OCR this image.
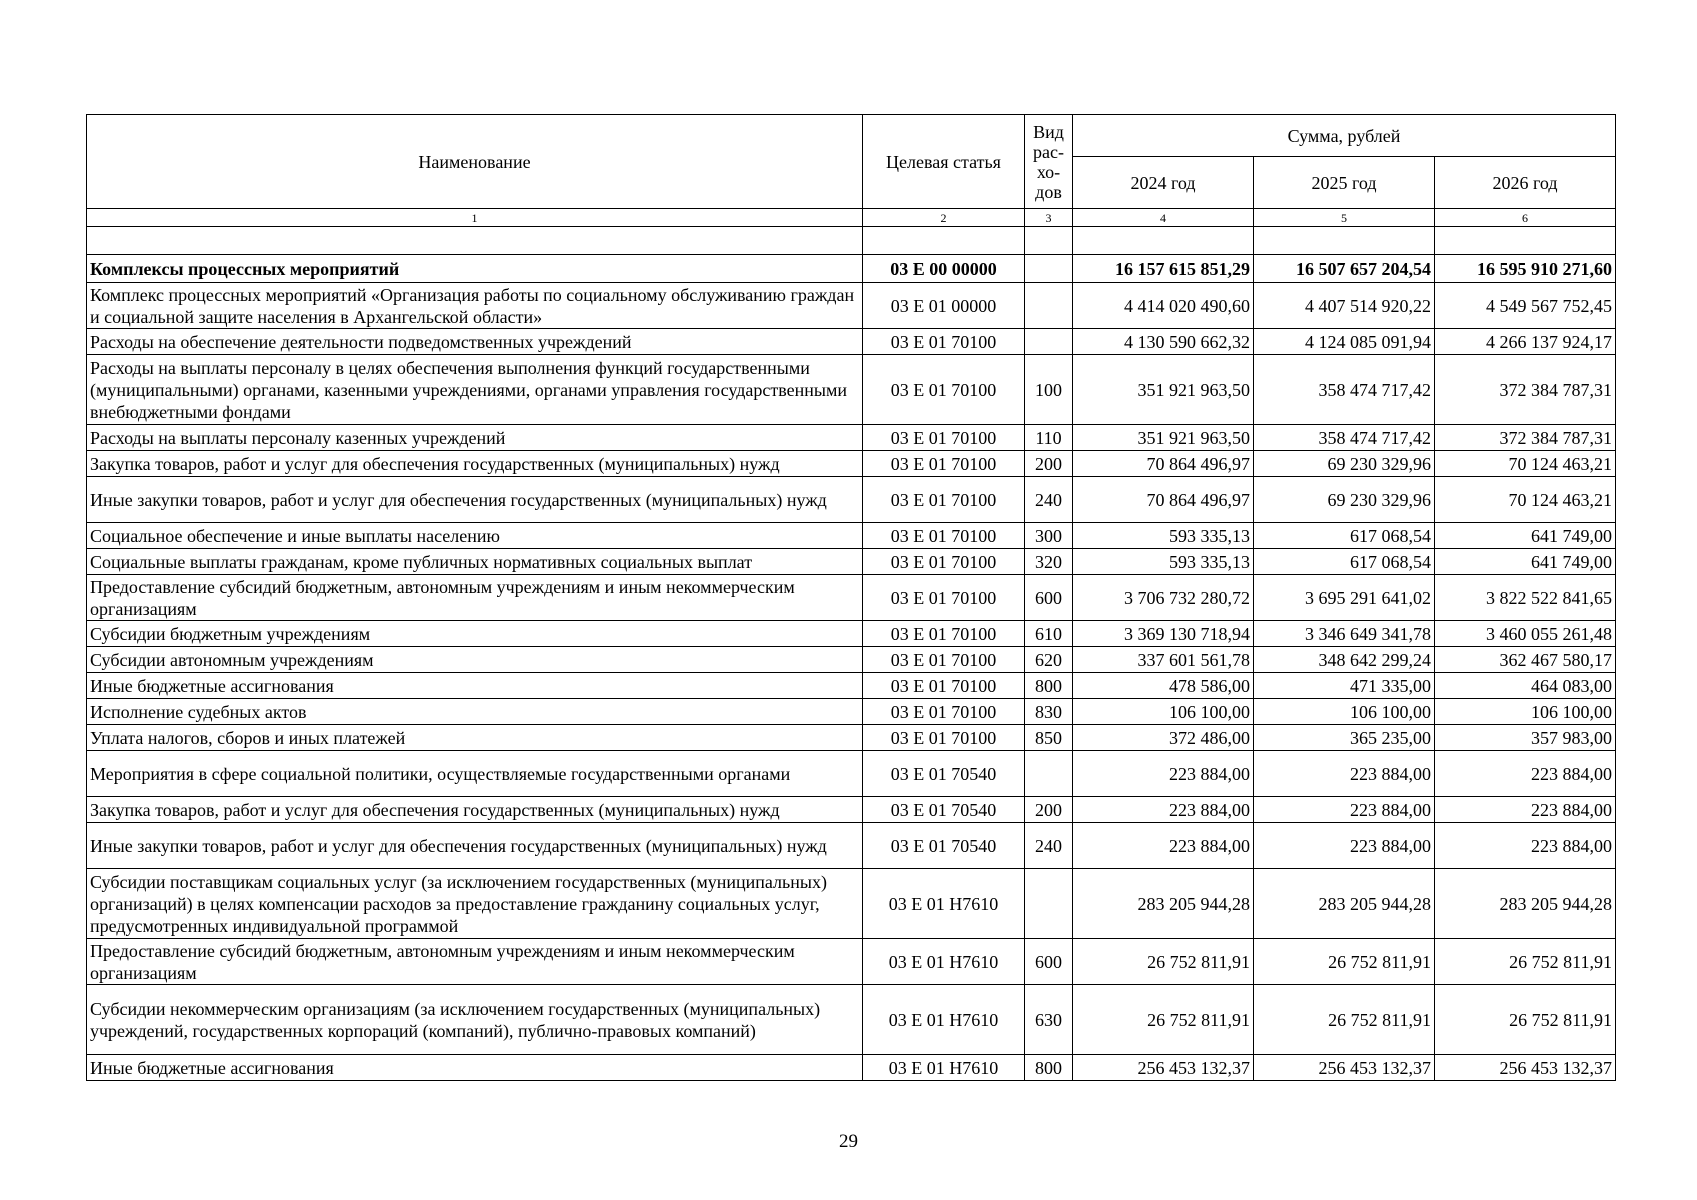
Наименование	Целевая статья	Вид рас-хо-дов	Сумма, рублей		
			2024 год	2025 год	2026 год
1	2	3	4	5	6

Комплексы процессных мероприятий	03 Е 00 00000		16 157 615 851,29	16 507 657 204,54	16 595 910 271,60
Комплекс процессных мероприятий «Организация работы по социальному обслуживанию граждан и социальной защите населения в Архангельской области»	03 Е 01 00000		4 414 020 490,60	4 407 514 920,22	4 549 567 752,45
Расходы на обеспечение деятельности подведомственных учреждений	03 Е 01 70100		4 130 590 662,32	4 124 085 091,94	4 266 137 924,17
Расходы на выплаты персоналу в целях обеспечения выполнения функций государственными (муниципальными) органами, казенными учреждениями, органами управления государственными внебюджетными фондами	03 Е 01 70100	100	351 921 963,50	358 474 717,42	372 384 787,31
Расходы на выплаты персоналу казенных учреждений	03 Е 01 70100	110	351 921 963,50	358 474 717,42	372 384 787,31
Закупка товаров, работ и услуг для обеспечения государственных (муниципальных) нужд	03 Е 01 70100	200	70 864 496,97	69 230 329,96	70 124 463,21
Иные закупки товаров, работ и услуг для обеспечения государственных (муниципальных) нужд	03 Е 01 70100	240	70 864 496,97	69 230 329,96	70 124 463,21
Социальное обеспечение и иные выплаты населению	03 Е 01 70100	300	593 335,13	617 068,54	641 749,00
Социальные выплаты гражданам, кроме публичных нормативных социальных выплат	03 Е 01 70100	320	593 335,13	617 068,54	641 749,00
Предоставление субсидий бюджетным, автономным учреждениям и иным некоммерческим организациям	03 Е 01 70100	600	3 706 732 280,72	3 695 291 641,02	3 822 522 841,65
Субсидии бюджетным учреждениям	03 Е 01 70100	610	3 369 130 718,94	3 346 649 341,78	3 460 055 261,48
Субсидии автономным учреждениям	03 Е 01 70100	620	337 601 561,78	348 642 299,24	362 467 580,17
Иные бюджетные ассигнования	03 Е 01 70100	800	478 586,00	471 335,00	464 083,00
Исполнение судебных актов	03 Е 01 70100	830	106 100,00	106 100,00	106 100,00
Уплата налогов, сборов и иных платежей	03 Е 01 70100	850	372 486,00	365 235,00	357 983,00
Мероприятия в сфере социальной политики, осуществляемые государственными органами	03 Е 01 70540		223 884,00	223 884,00	223 884,00
Закупка товаров, работ и услуг для обеспечения государственных (муниципальных) нужд	03 Е 01 70540	200	223 884,00	223 884,00	223 884,00
Иные закупки товаров, работ и услуг для обеспечения государственных (муниципальных) нужд	03 Е 01 70540	240	223 884,00	223 884,00	223 884,00
Субсидии поставщикам социальных услуг (за исключением государственных (муниципальных) организаций) в целях компенсации расходов за предоставление гражданину социальных услуг, предусмотренных индивидуальной программой	03 Е 01 Н7610		283 205 944,28	283 205 944,28	283 205 944,28
Предоставление субсидий бюджетным, автономным учреждениям и иным некоммерческим организациям	03 Е 01 Н7610	600	26 752 811,91	26 752 811,91	26 752 811,91
Субсидии некоммерческим организациям (за исключением государственных (муниципальных) учреждений, государственных корпораций (компаний), публично-правовых компаний)	03 Е 01 Н7610	630	26 752 811,91	26 752 811,91	26 752 811,91
Иные бюджетные ассигнования	03 Е 01 Н7610	800	256 453 132,37	256 453 132,37	256 453 132,37
29
